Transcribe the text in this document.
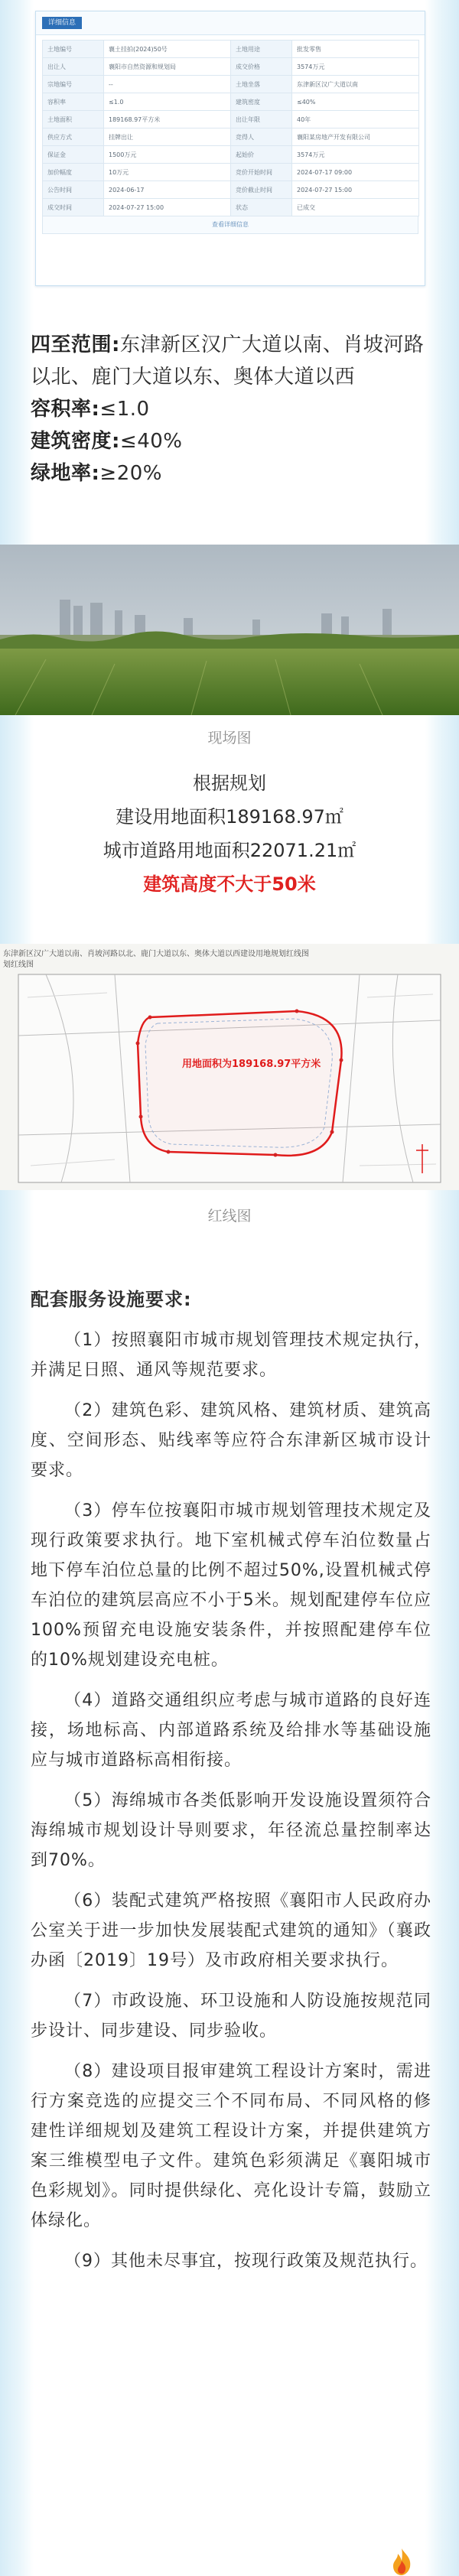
详细信息
土地编号	襄土挂拍(2024)50号	土地用途	批发零售
出让人	襄阳市自然资源和规划局	成交价格	3574万元
宗地编号	--	土地坐落	东津新区汉广大道以南
容积率	≤1.0	建筑密度	≤40%
土地面积	189168.97平方米	出让年限	40年
供应方式	挂牌出让	竞得人	襄阳某房地产开发有限公司
保证金	1500万元	起始价	3574万元
加价幅度	10万元	竞价开始时间	2024-07-17 09:00
公告时间	2024-06-17	竞价截止时间	2024-07-27 15:00
成交时间	2024-07-27 15:00	状态	已成交
查看详细信息

四至范围:东津新区汉广大道以南、肖坡河路以北、鹿门大道以东、奥体大道以西

容积率:≤1.0

建筑密度:≤40%

绿地率:≥20%

现场图
根据规划
建设用地面积189168.97㎡
城市道路用地面积22071.21㎡
建筑高度不大于50米
东津新区汉广大道以南、肖坡河路以北、鹿门大道以东、奥体大道以西建设用地规划红线图
划红线图
用地面积为189168.97平方米
红线图

配套服务设施要求:

（1）按照襄阳市城市规划管理技术规定执行，并满足日照、通风等规范要求。

（2）建筑色彩、建筑风格、建筑材质、建筑高度、空间形态、贴线率等应符合东津新区城市设计要求。

（3）停车位按襄阳市城市规划管理技术规定及现行政策要求执行。地下室机械式停车泊位数量占地下停车泊位总量的比例不超过50%,设置机械式停车泊位的建筑层高应不小于5米。规划配建停车位应100%预留充电设施安装条件，并按照配建停车位的10%规划建设充电桩。

（4）道路交通组织应考虑与城市道路的良好连接，场地标高、内部道路系统及给排水等基础设施应与城市道路标高相衔接。

（5）海绵城市各类低影响开发设施设置须符合海绵城市规划设计导则要求，年径流总量控制率达到70%。

（6）装配式建筑严格按照《襄阳市人民政府办公室关于进一步加快发展装配式建筑的通知》（襄政办函〔2019〕19号）及市政府相关要求执行。

（7）市政设施、环卫设施和人防设施按规范同步设计、同步建设、同步验收。

（8）建设项目报审建筑工程设计方案时，需进行方案竞选的应提交三个不同布局、不同风格的修建性详细规划及建筑工程设计方案，并提供建筑方案三维模型电子文件。建筑色彩须满足《襄阳城市色彩规划》。同时提供绿化、亮化设计专篇，鼓励立体绿化。

（9）其他未尽事宜，按现行政策及规范执行。
